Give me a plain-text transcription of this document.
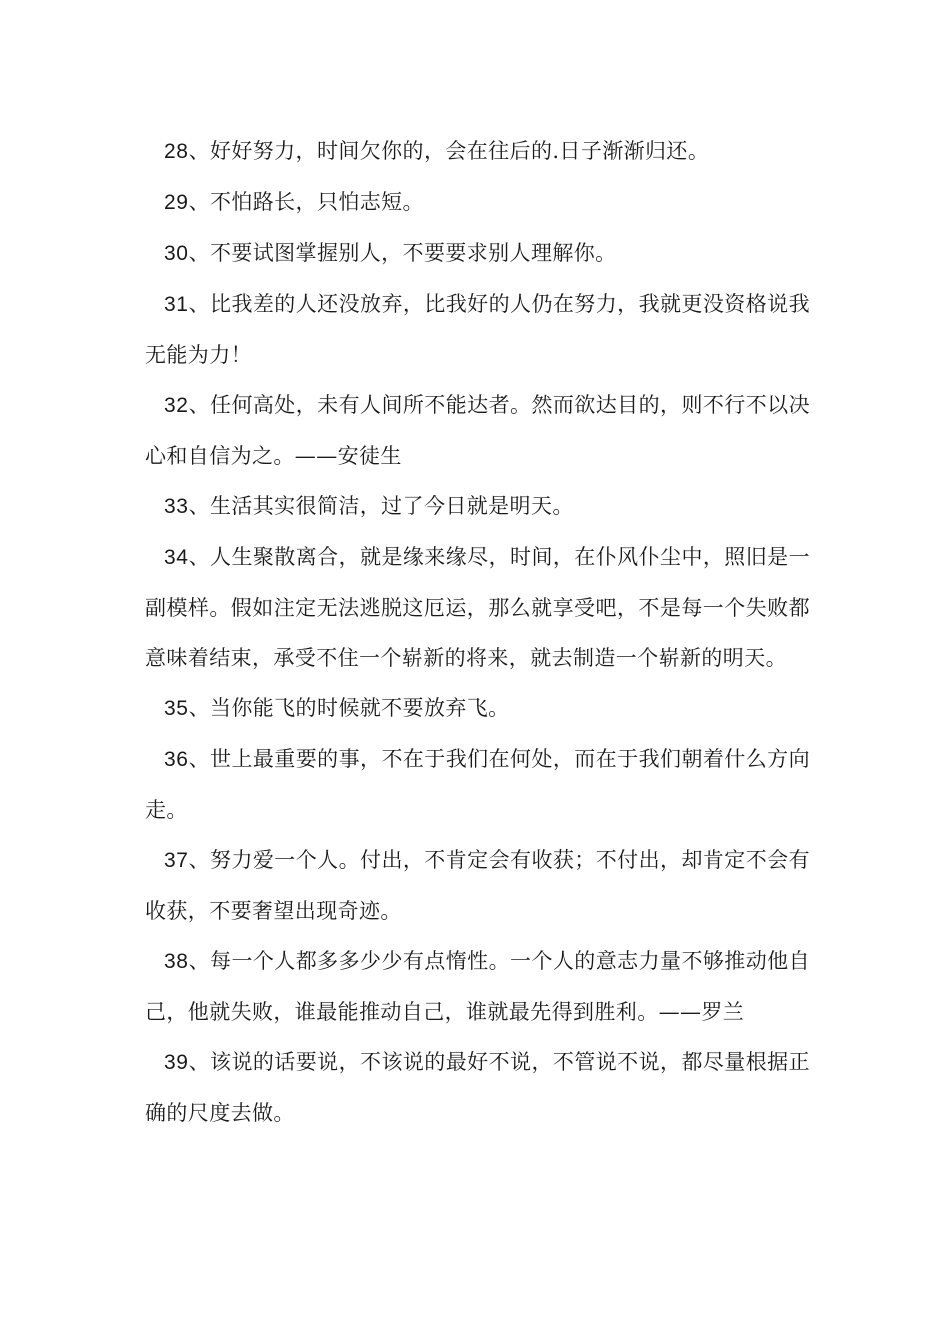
28、好好努力，时间欠你的，会在往后的.日子渐渐归还。

29、不怕路长，只怕志短。

30、不要试图掌握别人，不要要求别人理解你。

31、比我差的人还没放弃，比我好的人仍在努力，我就更没资格说我无能为力！

32、任何高处，未有人间所不能达者。然而欲达目的，则不行不以决心和自信为之。——安徒生

33、生活其实很简洁，过了今日就是明天。

34、人生聚散离合，就是缘来缘尽，时间，在仆风仆尘中，照旧是一副模样。假如注定无法逃脱这厄运，那么就享受吧，不是每一个失败都意味着结束，承受不住一个崭新的将来，就去制造一个崭新的明天。

35、当你能飞的时候就不要放弃飞。

36、世上最重要的事，不在于我们在何处，而在于我们朝着什么方向走。

37、努力爱一个人。付出，不肯定会有收获；不付出，却肯定不会有收获，不要奢望出现奇迹。

38、每一个人都多多少少有点惰性。一个人的意志力量不够推动他自己，他就失败，谁最能推动自己，谁就最先得到胜利。——罗兰

39、该说的话要说，不该说的最好不说，不管说不说，都尽量根据正确的尺度去做。
